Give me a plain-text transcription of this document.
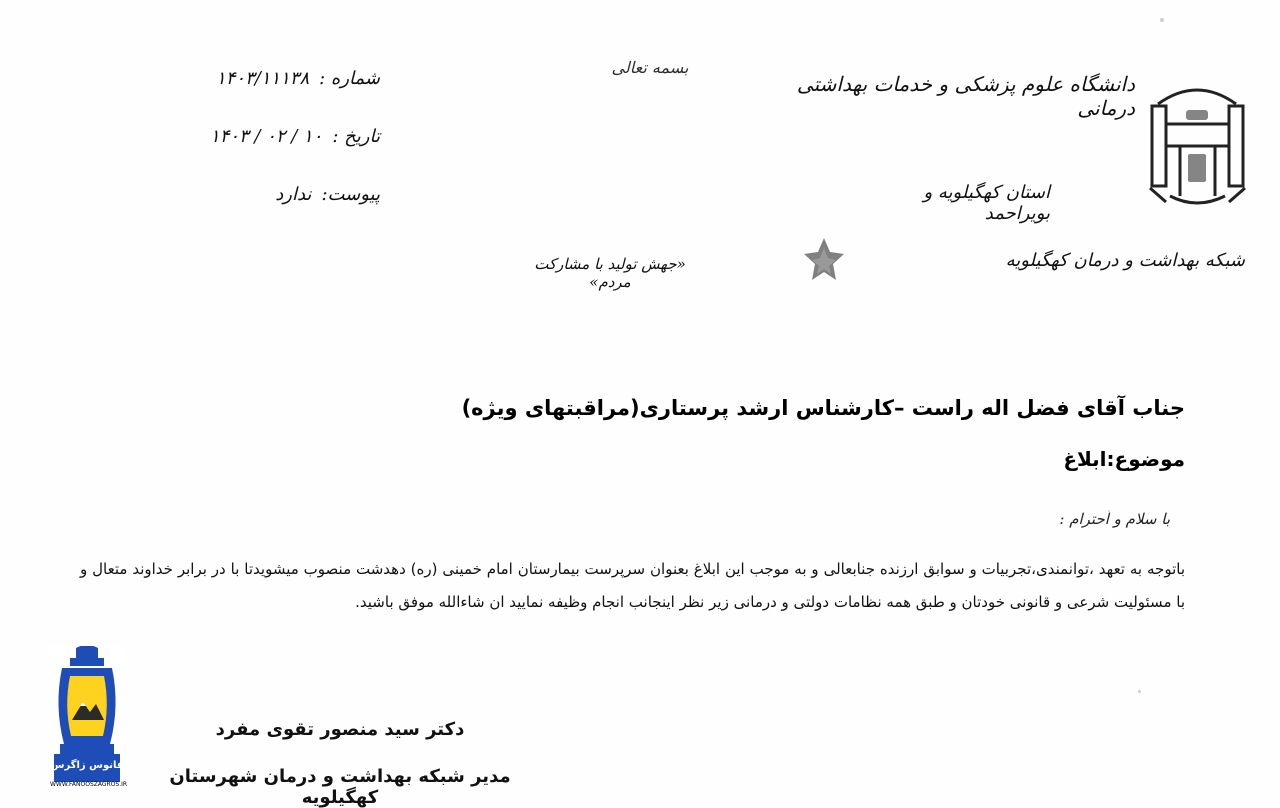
دانشگاه علوم پزشکی و خدمات بهداشتی درمانی
استان کهگیلویه و بویراحمد
شبکه بهداشت و درمان کهگیلویه
بسمه تعالی
«جهش تولید با مشارکت مردم»
شماره :
۱۴۰۳/۱۱۱۳۸
تاریخ :
۱۴۰۳ / ۰۲ / ۱۰
پیوست:
ندارد
جناب آقای فضل اله راست –کارشناس ارشد پرستاری(مراقبتهای ویژه)
موضوع:ابلاغ
با سلام و احترام :
باتوجه به تعهد ،توانمندی،تجربیات و سوابق ارزنده جنابعالی و به موجب این ابلاغ بعنوان سرپرست بیمارستان امام خمینی (ره) دهدشت منصوب میشویدتا با در برابر خداوند متعال و با مسئولیت شرعی و قانونی خودتان و طبق همه نظامات دولتی و درمانی زیر نظر اینجانب انجام وظیفه نمایید ان شاءالله موفق باشید.
دکتر سید منصور تقوی مفرد
مدیر شبکه بهداشت و درمان شهرستان کهگیلویه
فانوس زاگرس
WWW.FANOOSZAGROS.IR
